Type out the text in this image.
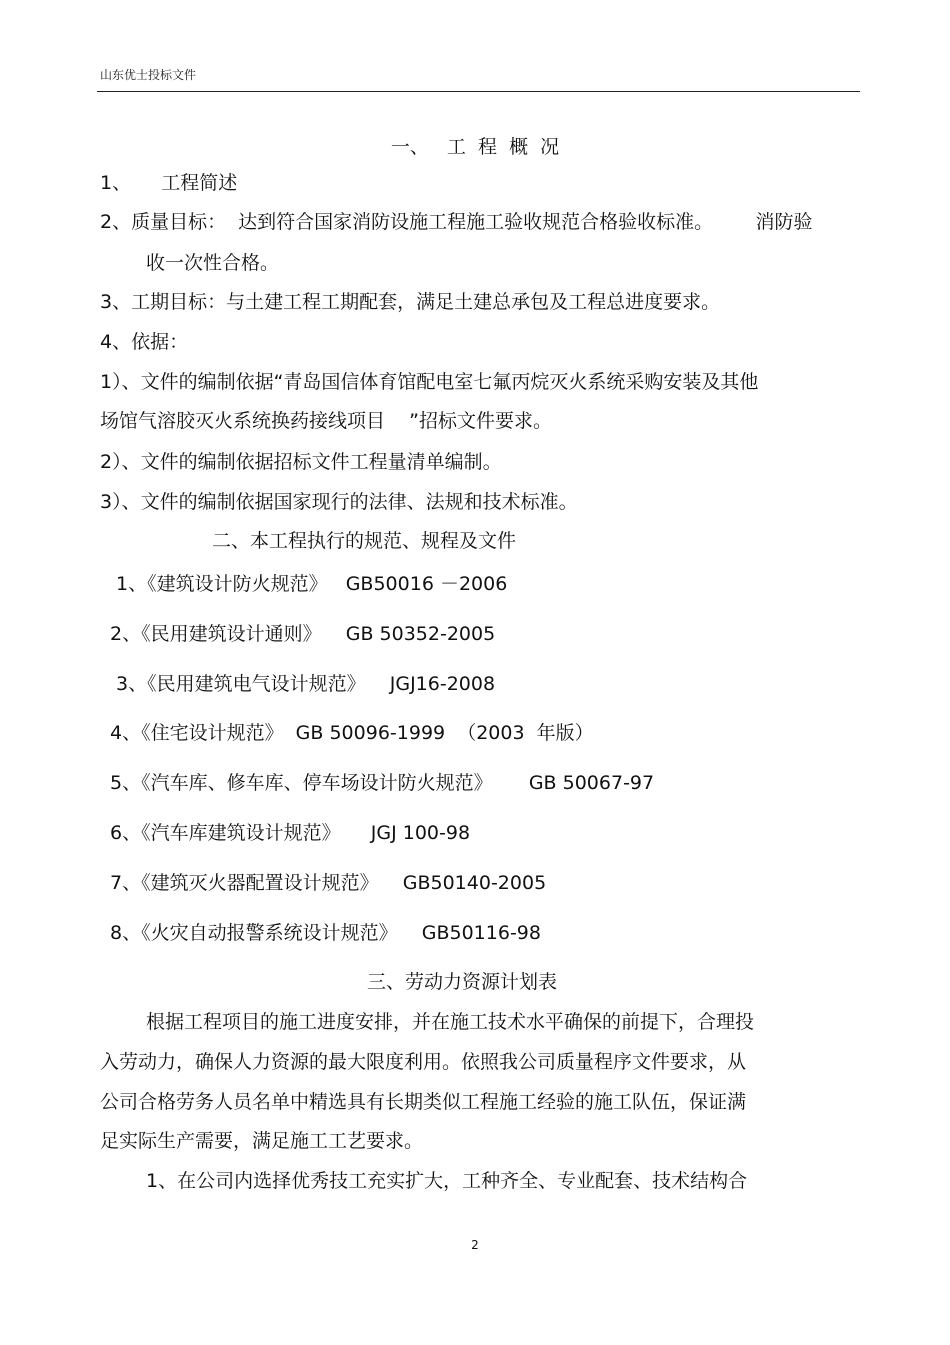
山东优士投标文件
一、   工  程  概  况
1、     工程简述
2、质量目标：  达到符合国家消防设施工程施工验收规范合格验收标准。       消防验
收一次性合格。
3、工期目标：与土建工程工期配套，满足土建总承包及工程总进度要求。
4、依据：
1）、文件的编制依据“青岛国信体育馆配电室七氟丙烷灭火系统采购安装及其他
场馆气溶胶灭火系统换药接线项目    ”招标文件要求。
2）、文件的编制依据招标文件工程量清单编制。
3）、文件的编制依据国家现行的法律、法规和技术标准。
二、本工程执行的规范、规程及文件
1、《建筑设计防火规范》   GB50016 －2006
2、《民用建筑设计通则》    GB 50352-2005
3、《民用建筑电气设计规范》    JGJ16-2008
4、《住宅设计规范》  GB 50096-1999  （2003  年版）
5、《汽车库、修车库、停车场设计防火规范》      GB 50067-97
6、《汽车库建筑设计规范》     JGJ 100-98
7、《建筑灭火器配置设计规范》    GB50140-2005
8、《火灾自动报警系统设计规范》    GB50116-98
三、劳动力资源计划表
根据工程项目的施工进度安排，并在施工技术水平确保的前提下，合理投
入劳动力，确保人力资源的最大限度利用。依照我公司质量程序文件要求，从
公司合格劳务人员名单中精选具有长期类似工程施工经验的施工队伍，保证满
足实际生产需要，满足施工工艺要求。
1、在公司内选择优秀技工充实扩大，工种齐全、专业配套、技术结构合
2
